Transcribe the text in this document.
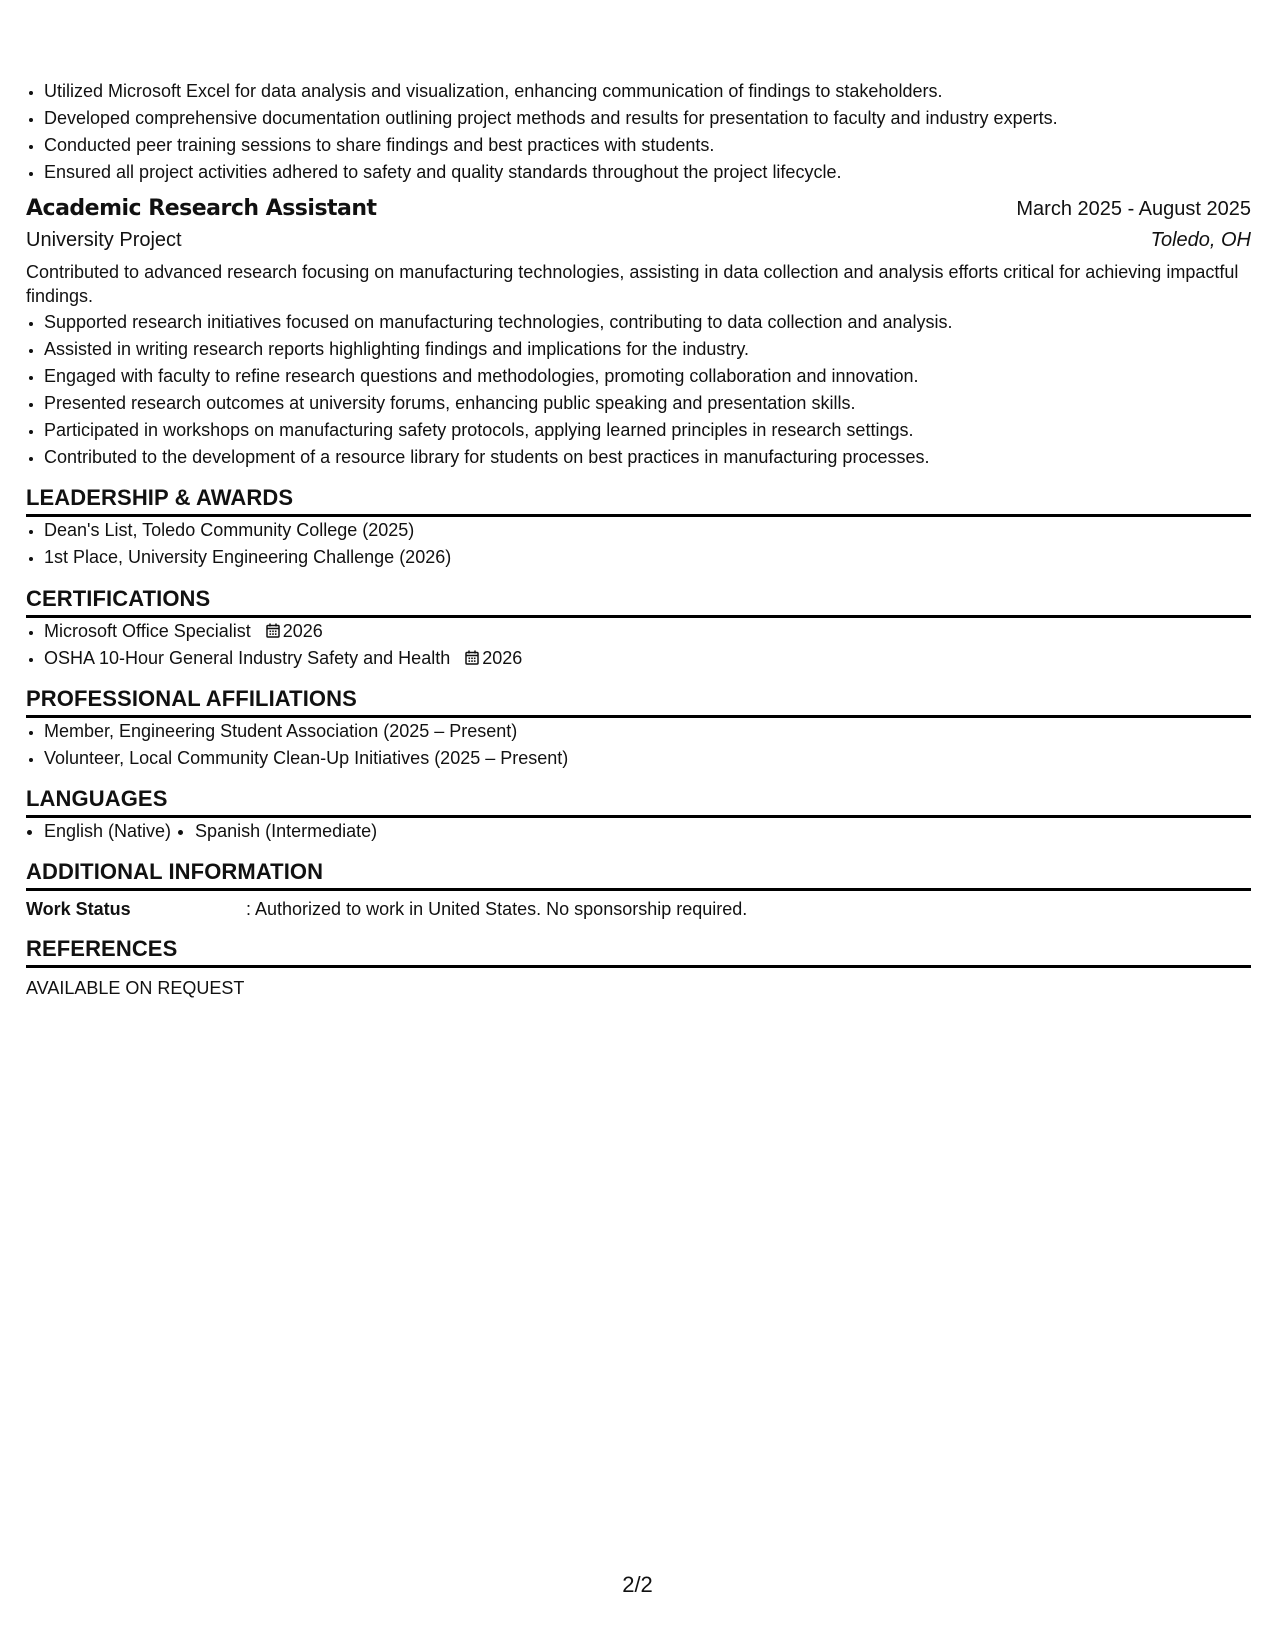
• Utilized Microsoft Excel for data analysis and visualization, enhancing communication of findings to stakeholders.
• Developed comprehensive documentation outlining project methods and results for presentation to faculty and industry experts.
• Conducted peer training sessions to share findings and best practices with students.
• Ensured all project activities adhered to safety and quality standards throughout the project lifecycle.
Academic Research Assistant	March 2025 - August 2025
University Project	Toledo, OH
Contributed to advanced research focusing on manufacturing technologies, assisting in data collection and analysis efforts critical for achieving impactful findings.
• Supported research initiatives focused on manufacturing technologies, contributing to data collection and analysis.
• Assisted in writing research reports highlighting findings and implications for the industry.
• Engaged with faculty to refine research questions and methodologies, promoting collaboration and innovation.
• Presented research outcomes at university forums, enhancing public speaking and presentation skills.
• Participated in workshops on manufacturing safety protocols, applying learned principles in research settings.
• Contributed to the development of a resource library for students on best practices in manufacturing processes.
LEADERSHIP & AWARDS
• Dean's List, Toledo Community College (2025)
• 1st Place, University Engineering Challenge (2026)
CERTIFICATIONS
• Microsoft Office Specialist 2026
• OSHA 10-Hour General Industry Safety and Health 2026
PROFESSIONAL AFFILIATIONS
• Member, Engineering Student Association (2025 – Present)
• Volunteer, Local Community Clean-Up Initiatives (2025 – Present)
LANGUAGES
• English (Native)
• Spanish (Intermediate)
ADDITIONAL INFORMATION
Work Status	: Authorized to work in United States. No sponsorship required.
REFERENCES
AVAILABLE ON REQUEST
2/2
